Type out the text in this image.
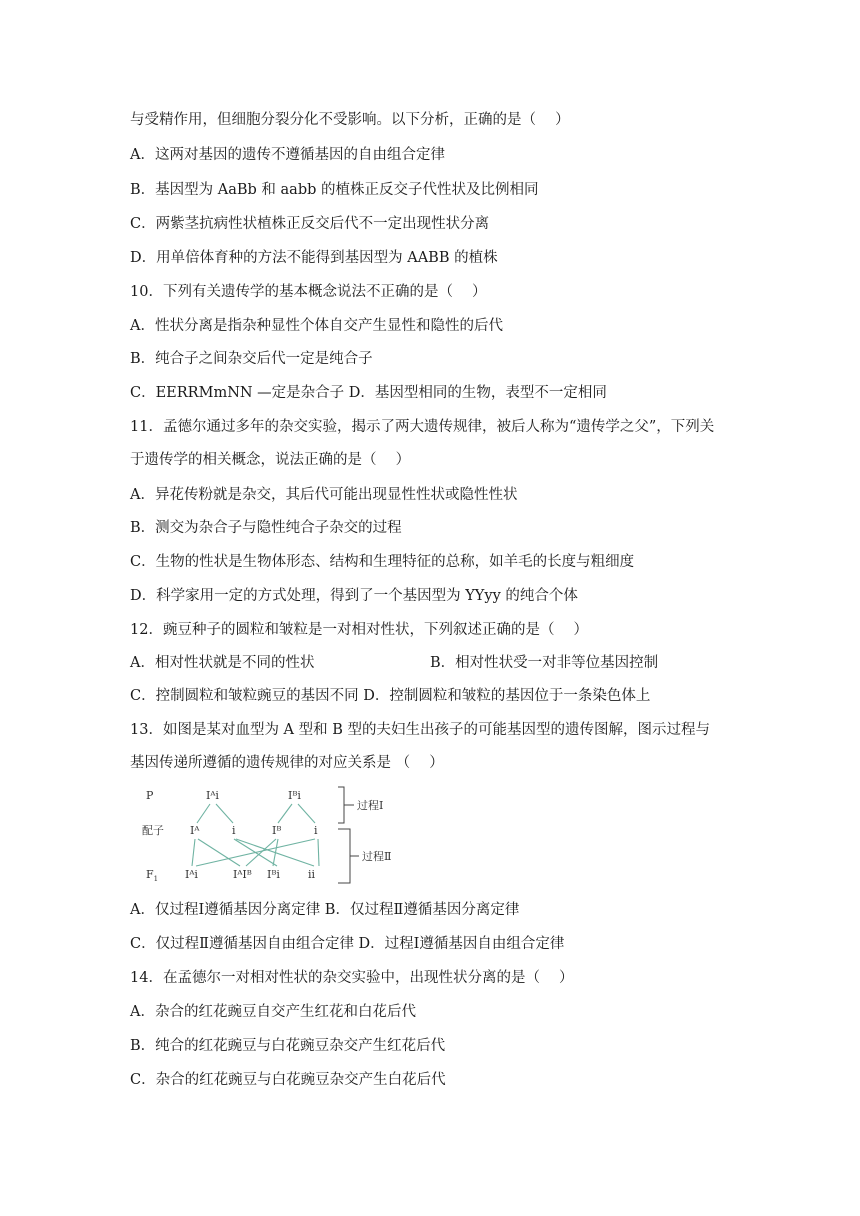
与受精作用，但细胞分裂分化不受影响。以下分析，正确的是（　 ）
A．这两对基因的遗传不遵循基因的自由组合定律
B．基因型为 AaBb 和 aabb 的植株正反交子代性状及比例相同
C．两紫茎抗病性状植株正反交后代不一定出现性状分离
D．用单倍体育种的方法不能得到基因型为 AABB 的植株
10．下列有关遗传学的基本概念说法不正确的是（　 ）
A．性状分离是指杂种显性个体自交产生显性和隐性的后代
B．纯合子之间杂交后代一定是纯合子
C．EERRMmNN —定是杂合子 D．基因型相同的生物，表型不一定相同
11．孟德尔通过多年的杂交实验，揭示了两大遗传规律，被后人称为“遗传学之父”，下列关
于遗传学的相关概念，说法正确的是（　 ）
A．异花传粉就是杂交，其后代可能出现显性性状或隐性性状
B．测交为杂合子与隐性纯合子杂交的过程
C．生物的性状是生物体形态、结构和生理特征的总称，如羊毛的长度与粗细度
D．科学家用一定的方式处理，得到了一个基因型为 YYyy 的纯合个体
12．豌豆种子的圆粒和皱粒是一对相对性状，下列叙述正确的是（　 ）
A．相对性状就是不同的性状	B．相对性状受一对非等位基因控制
C．控制圆粒和皱粒豌豆的基因不同 D．控制圆粒和皱粒的基因位于一条染色体上
13．如图是某对血型为 A 型和 B 型的夫妇生出孩子的可能基因型的遗传图解，图示过程与
基因传递所遵循的遗传规律的对应关系是 （　 ）
P
配子
$F_1$
Iᴬi	Iᴮi
Iᴬ	i	Iᴮ	i
Iᴬi	IᴬIᴮ Iᴮi	ii
过程Ⅰ
过程Ⅱ
A．仅过程Ⅰ遵循基因分离定律 B．仅过程Ⅱ遵循基因分离定律
C．仅过程Ⅱ遵循基因自由组合定律 D．过程Ⅰ遵循基因自由组合定律
14．在孟德尔一对相对性状的杂交实验中，出现性状分离的是（　 ）
A．杂合的红花豌豆自交产生红花和白花后代
B．纯合的红花豌豆与白花豌豆杂交产生红花后代
C．杂合的红花豌豆与白花豌豆杂交产生白花后代
